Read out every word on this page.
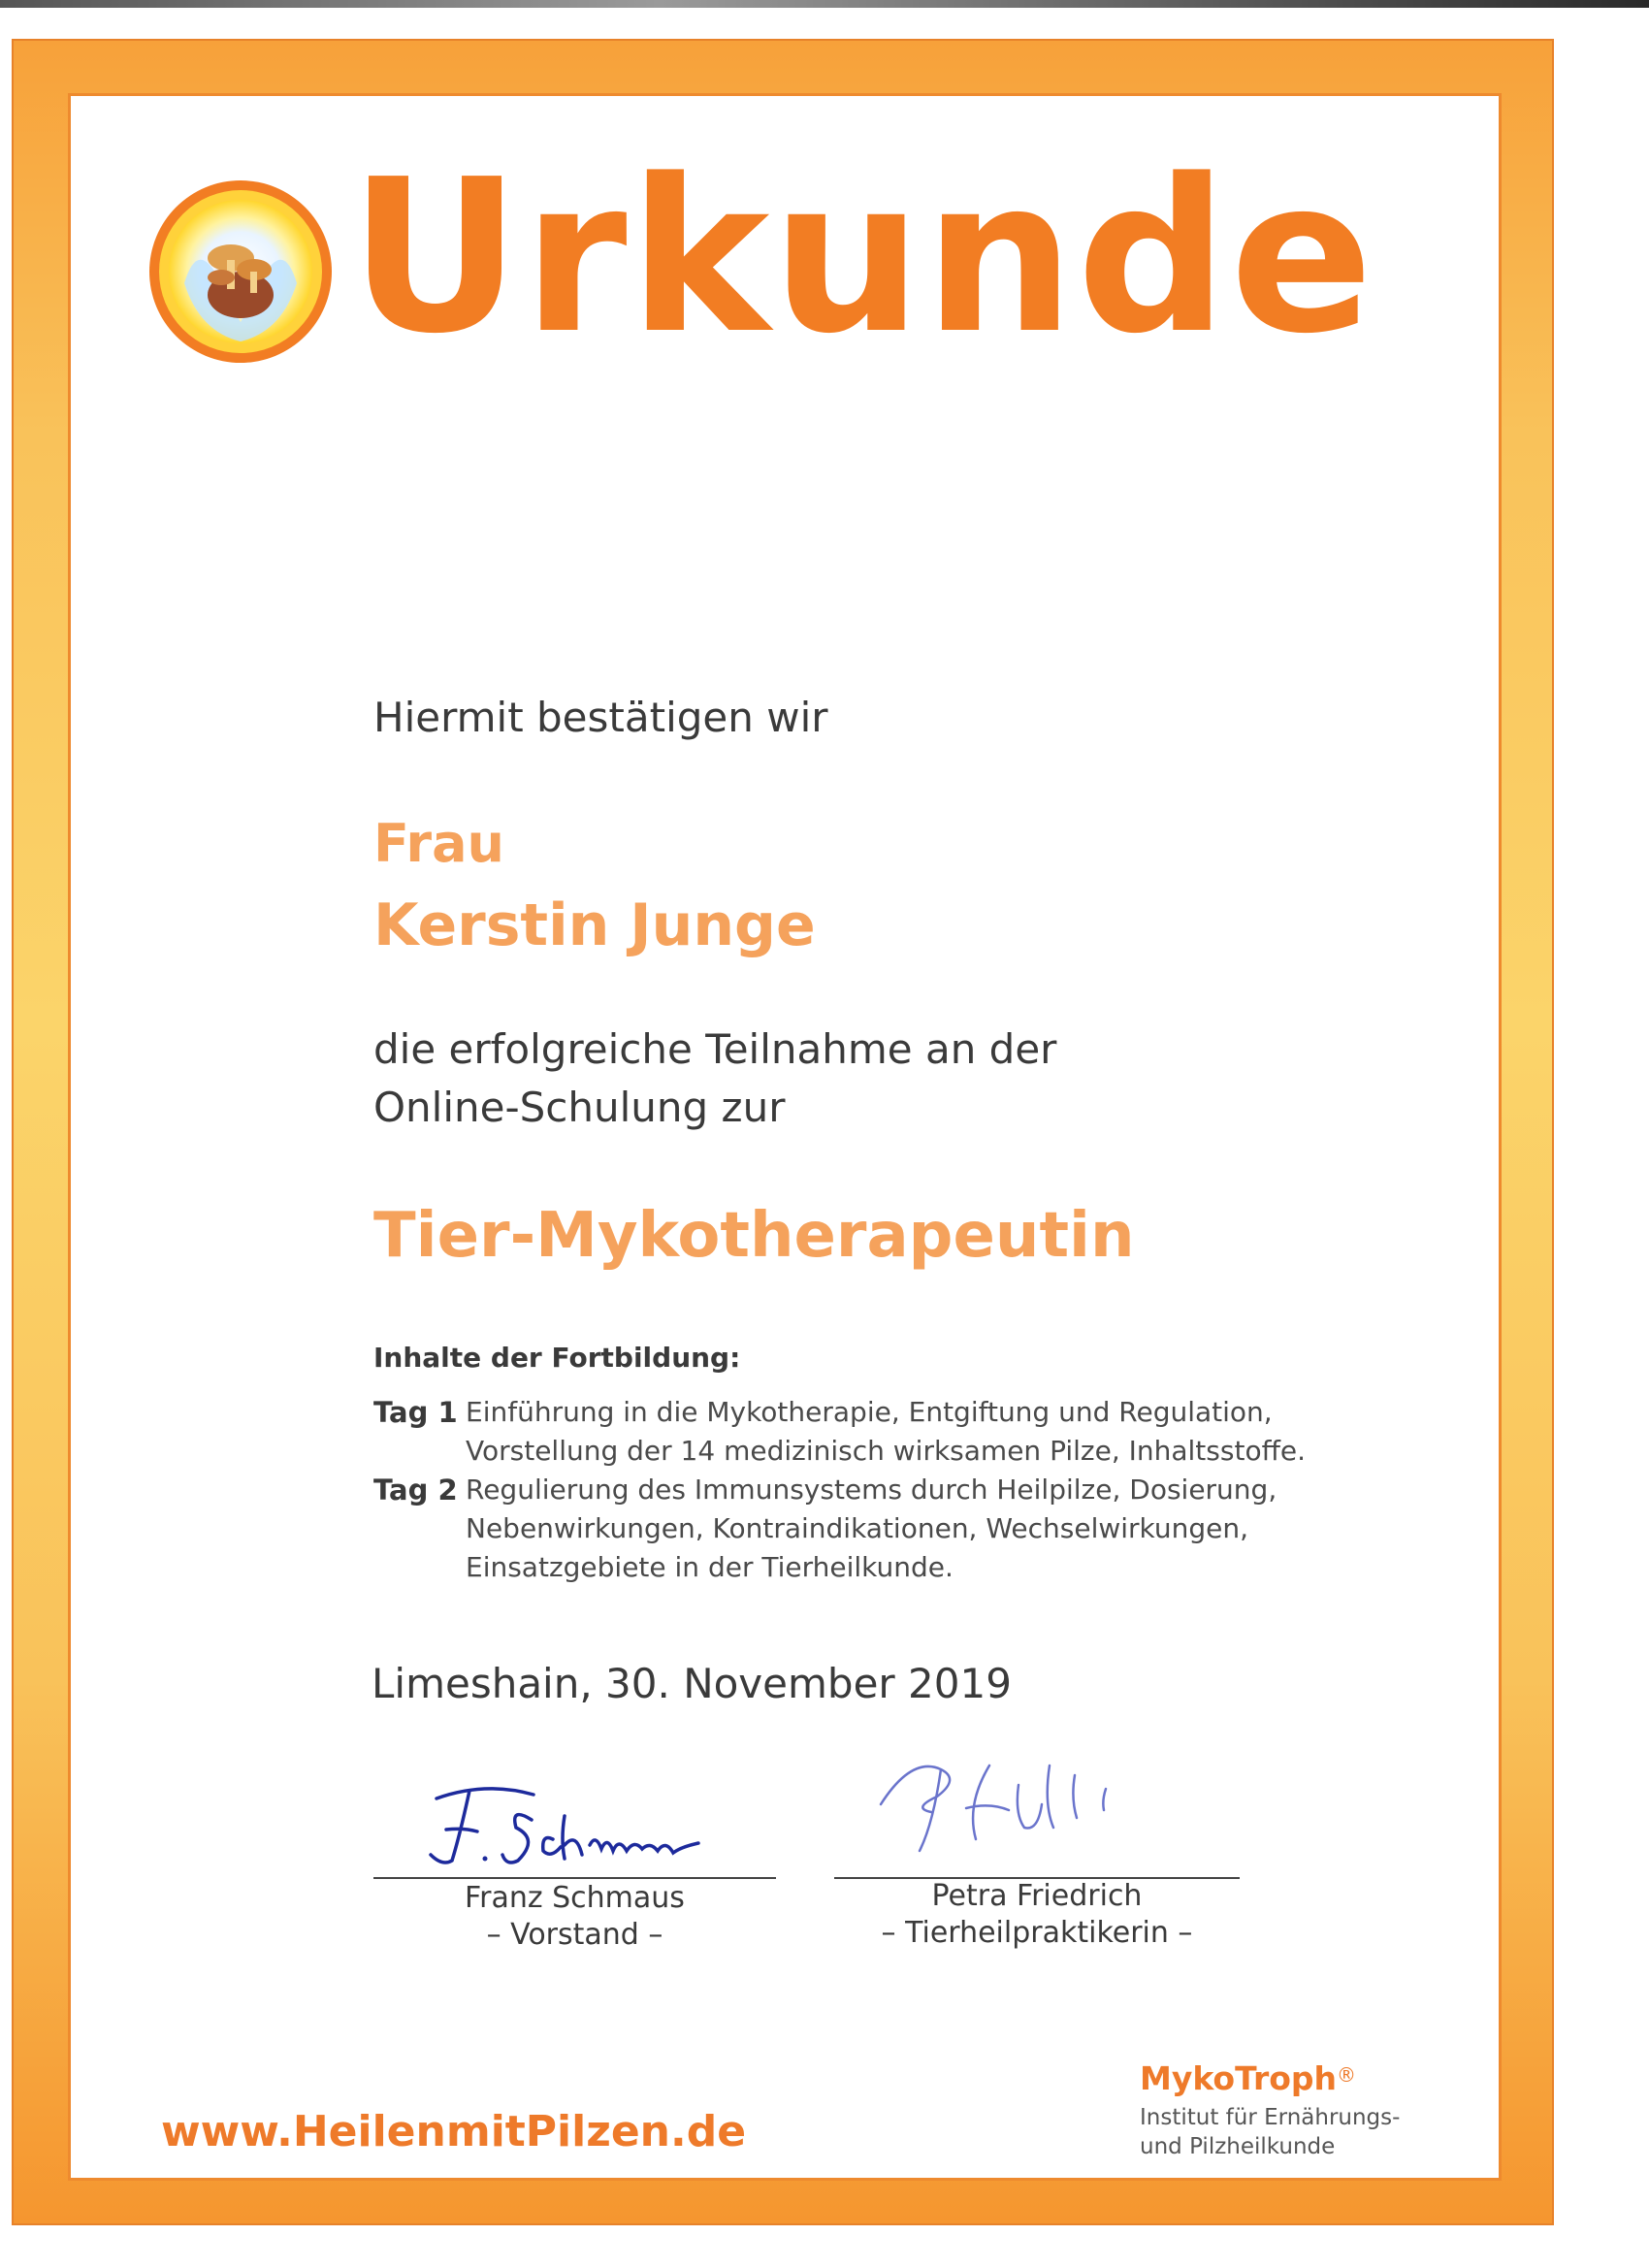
Urkunde
Hiermit bestätigen wir
Frau
Kerstin Junge
die erfolgreiche Teilnahme an der
Online-Schulung zur
Tier-Mykotherapeutin
Inhalte der Fortbildung:
Tag 1 Einführung in die Mykotherapie, Entgiftung und Regulation,
Vorstellung der 14 medizinisch wirksamen Pilze, Inhaltsstoffe.
Tag 2 Regulierung des Immunsystems durch Heilpilze, Dosierung,
Nebenwirkungen, Kontraindikationen, Wechselwirkungen,
Einsatzgebiete in der Tierheilkunde.
Limeshain, 30. November 2019
Franz Schmaus
– Vorstand –
Petra Friedrich
– Tierheilpraktikerin –
www.HeilenmitPilzen.de
MykoTroph®
Institut für Ernährungs-
und Pilzheilkunde
